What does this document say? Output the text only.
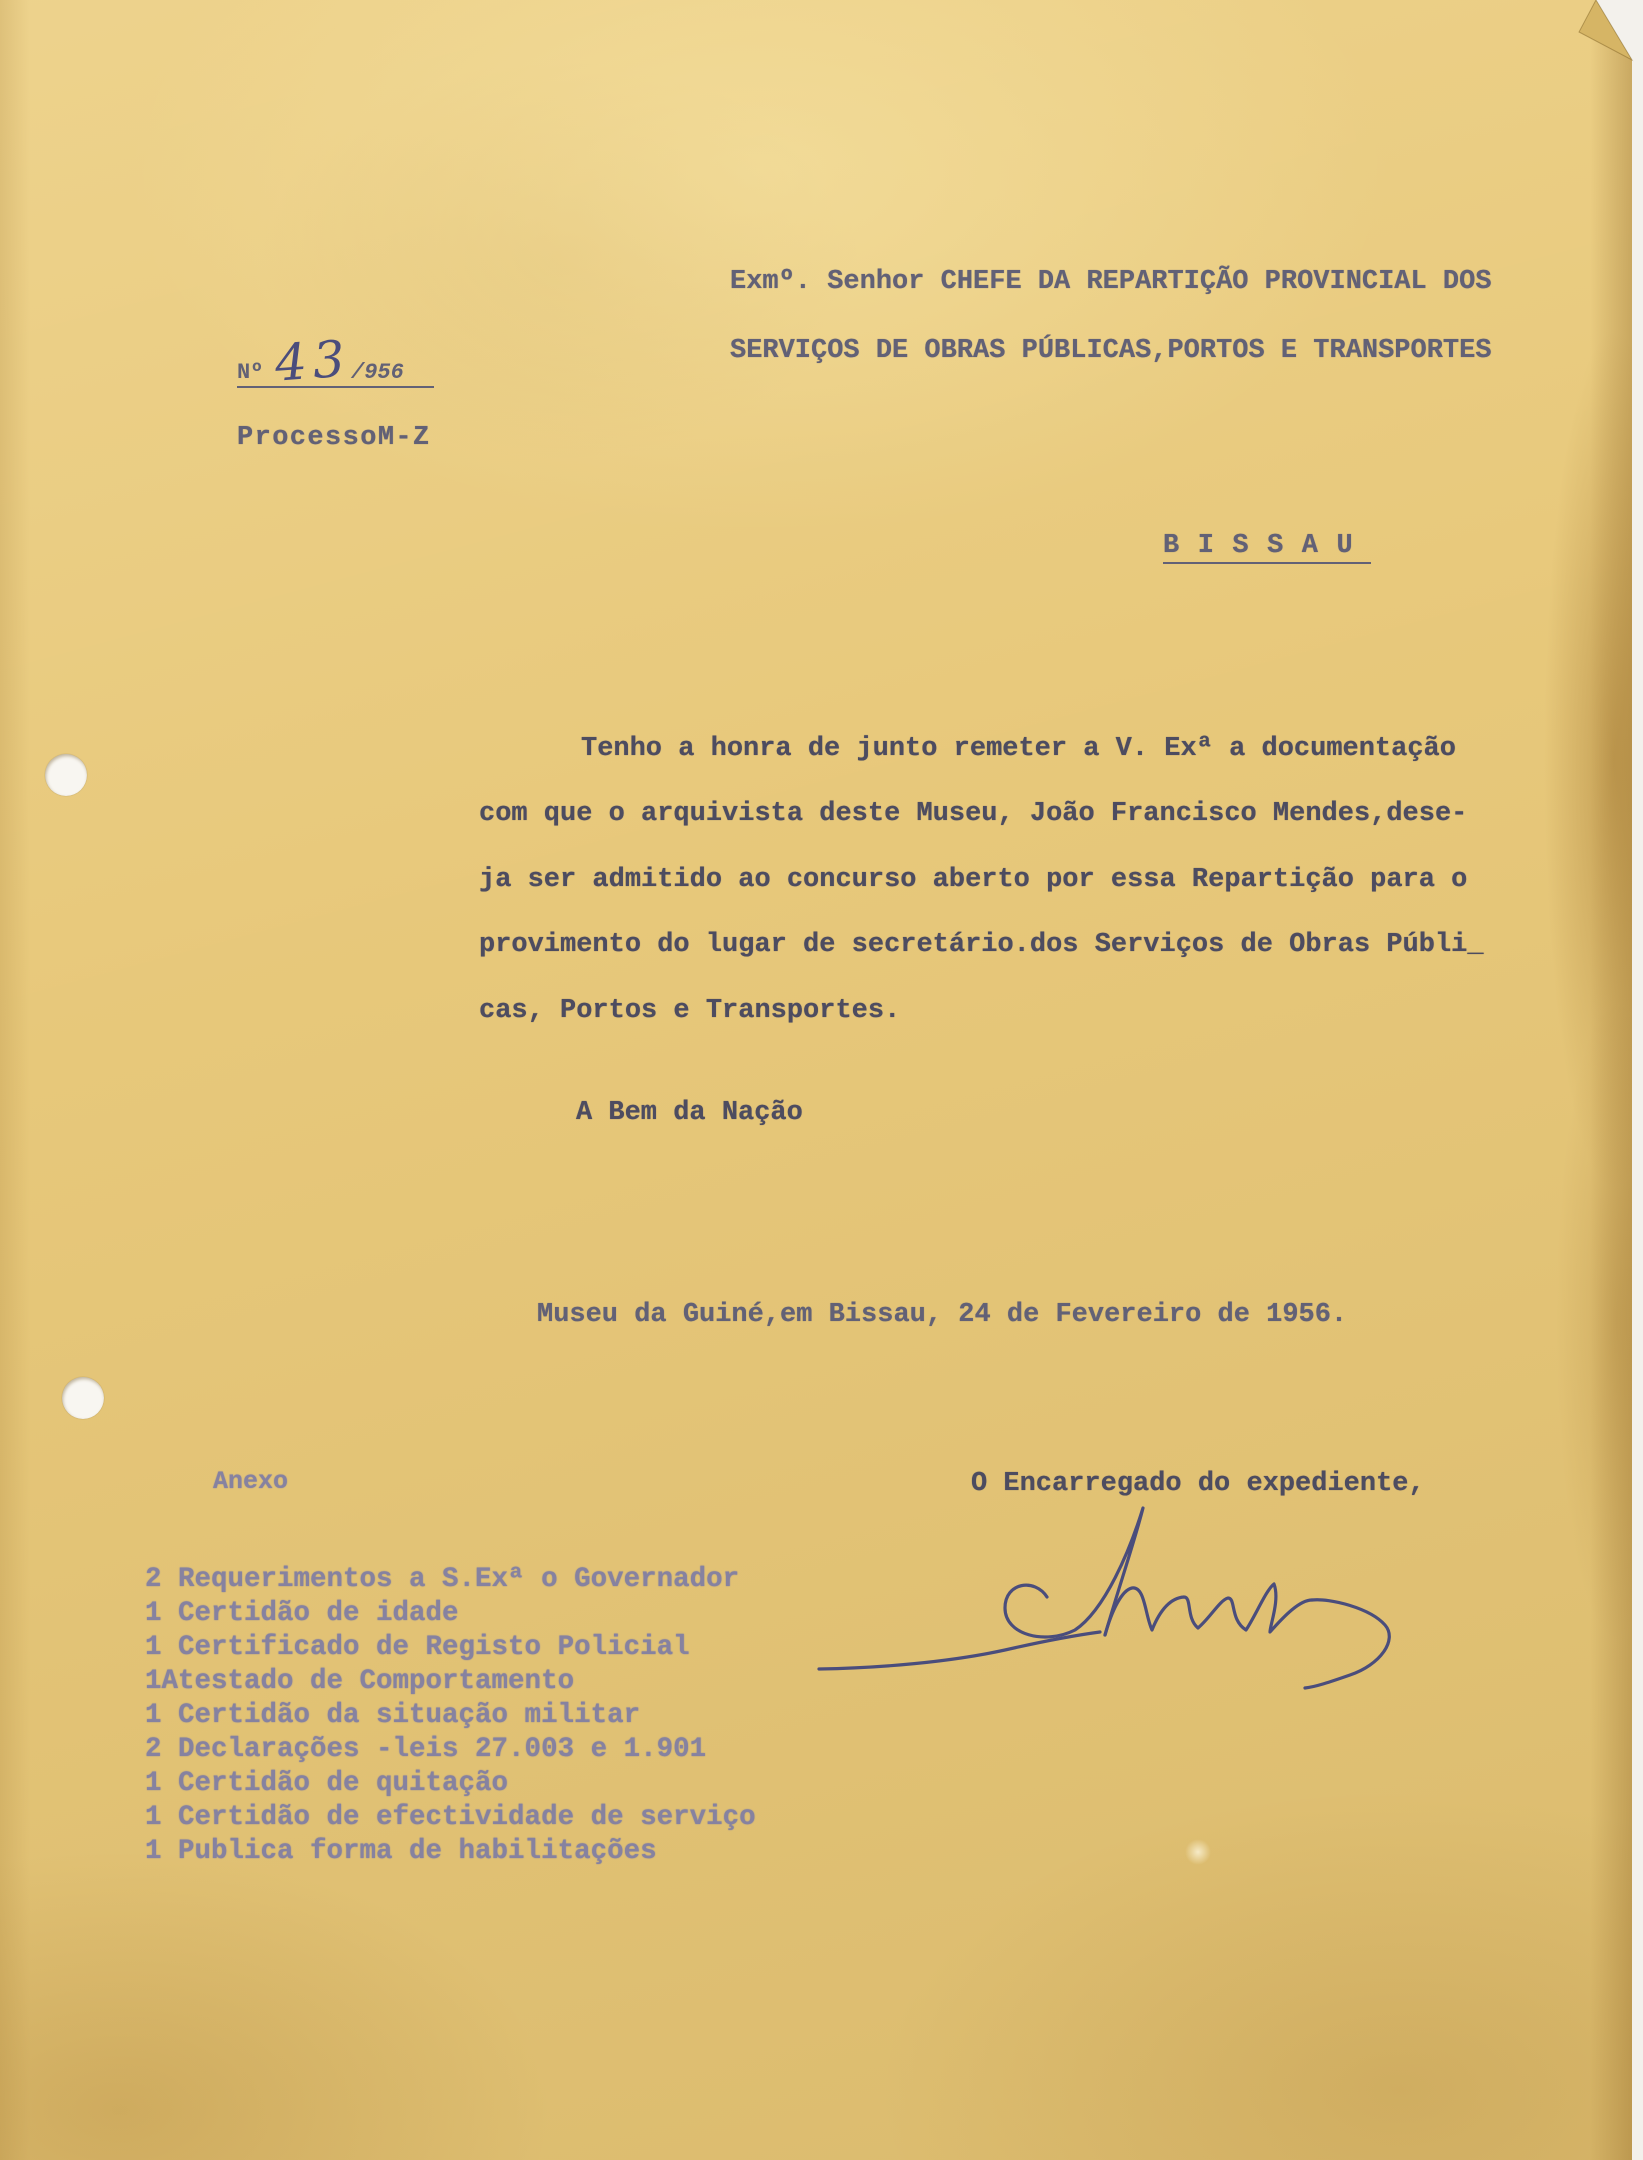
Exmº. Senhor CHEFE DA REPARTIÇÃO PROVINCIAL DOS
SERVIÇOS DE OBRAS PÚBLICAS,PORTOS E TRANSPORTES
Nº 43
/956
ProcessoM-Z
BISSAU
Tenho a honra de junto remeter a V. Exª a documentação
com que o arquivista deste Museu, João Francisco Mendes,dese-
ja ser admitido ao concurso aberto por essa Repartição para o
provimento do lugar de secretário.dos Serviços de Obras Públi_
cas, Portos e Transportes.
A Bem da Nação
Museu da Guiné,em Bissau, 24 de Fevereiro de 1956.
Anexo
2 Requerimentos a S.Exª o Governador
1 Certidão de idade
1 Certificado de Registo Policial
1Atestado de Comportamento
1 Certidão da situação militar
2 Declarações -leis 27.003 e 1.901
1 Certidão de quitação
1 Certidão de efectividade de serviço
1 Publica forma de habilitações
O Encarregado do expediente,
